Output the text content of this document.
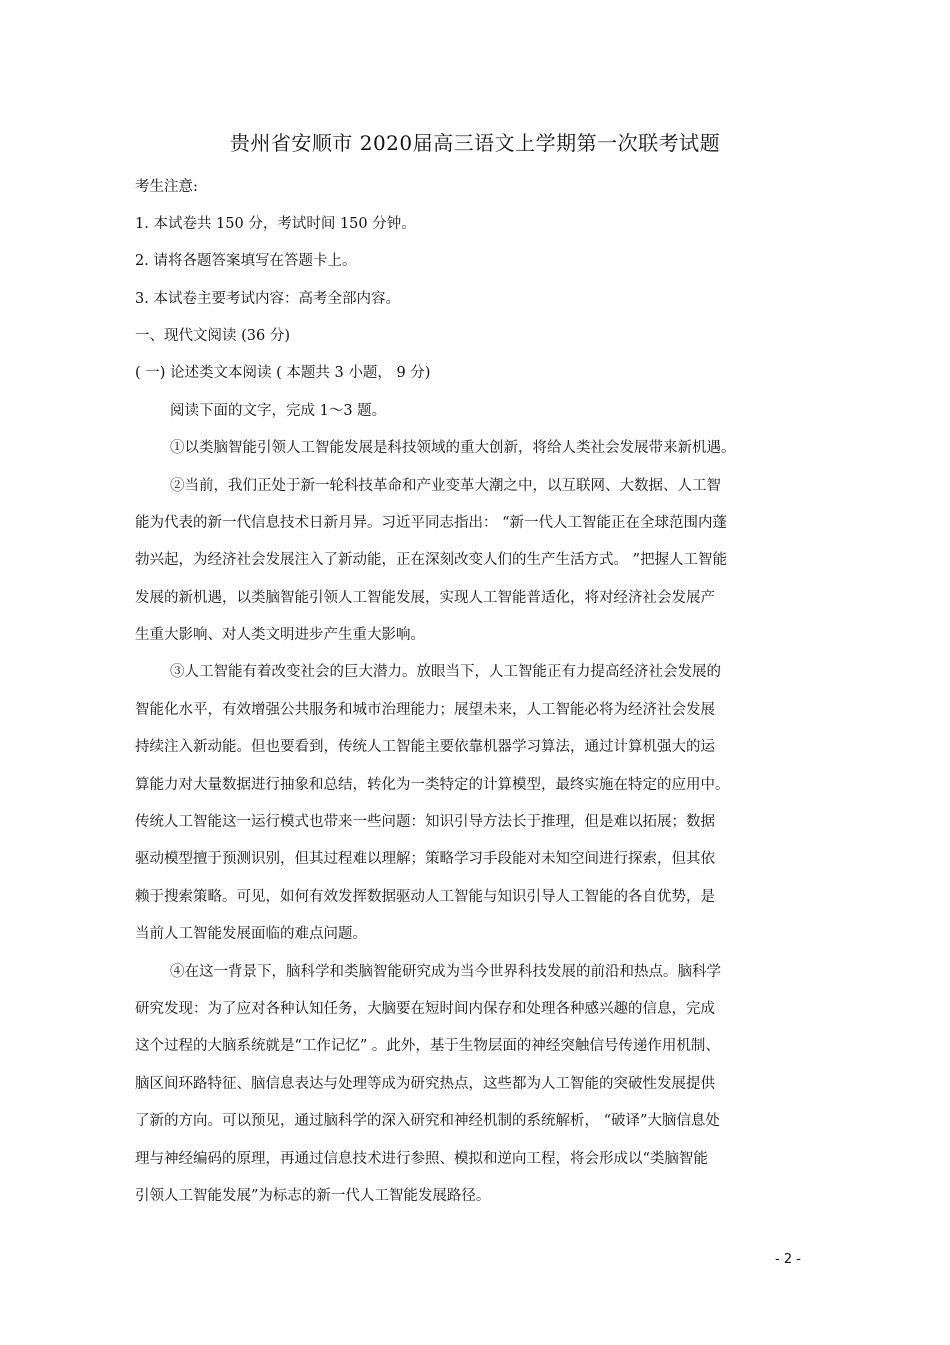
贵州省安顺市 2020届高三语文上学期第一次联考试题
考生注意:
1. 本试卷共 150 分，考试时间 150 分钟。
2. 请将各题答案填写在答题卡上。
3. 本试卷主要考试内容：高考全部内容。
一、现代文阅读 (36 分)
( 一) 论述类文本阅读 ( 本题共 3 小题， 9 分)
阅读下面的文字，完成 1～3 题。
①以类脑智能引领人工智能发展是科技领域的重大创新，将给人类社会发展带来新机遇。
②当前，我们正处于新一轮科技革命和产业变革大潮之中，以互联网、大数据、人工智
能为代表的新一代信息技术日新月异。习近平同志指出： “新一代人工智能正在全球范围内蓬
勃兴起，为经济社会发展注入了新动能，正在深刻改变人们的生产生活方式。 ”把握人工智能
发展的新机遇，以类脑智能引领人工智能发展，实现人工智能普适化，将对经济社会发展产
生重大影响、对人类文明进步产生重大影响。
③人工智能有着改变社会的巨大潜力。放眼当下，人工智能正有力提高经济社会发展的
智能化水平，有效增强公共服务和城市治理能力；展望未来，人工智能必将为经济社会发展
持续注入新动能。但也要看到，传统人工智能主要依靠机器学习算法，通过计算机强大的运
算能力对大量数据进行抽象和总结，转化为一类特定的计算模型，最终实施在特定的应用中。
传统人工智能这一运行模式也带来一些问题：知识引导方法长于推理，但是难以拓展；数据
驱动模型擅于预测识别，但其过程难以理解；策略学习手段能对未知空间进行探索，但其依
赖于搜索策略。可见，如何有效发挥数据驱动人工智能与知识引导人工智能的各自优势，是
当前人工智能发展面临的难点问题。
④在这一背景下，脑科学和类脑智能研究成为当今世界科技发展的前沿和热点。脑科学
研究发现：为了应对各种认知任务，大脑要在短时间内保存和处理各种感兴趣的信息，完成
这个过程的大脑系统就是“工作记忆” 。此外，基于生物层面的神经突触信号传递作用机制、
脑区间环路特征、脑信息表达与处理等成为研究热点，这些都为人工智能的突破性发展提供
了新的方向。可以预见，通过脑科学的深入研究和神经机制的系统解析， “破译”大脑信息处
理与神经编码的原理，再通过信息技术进行参照、模拟和逆向工程，将会形成以“类脑智能
引领人工智能发展”为标志的新一代人工智能发展路径。
- 2 -
